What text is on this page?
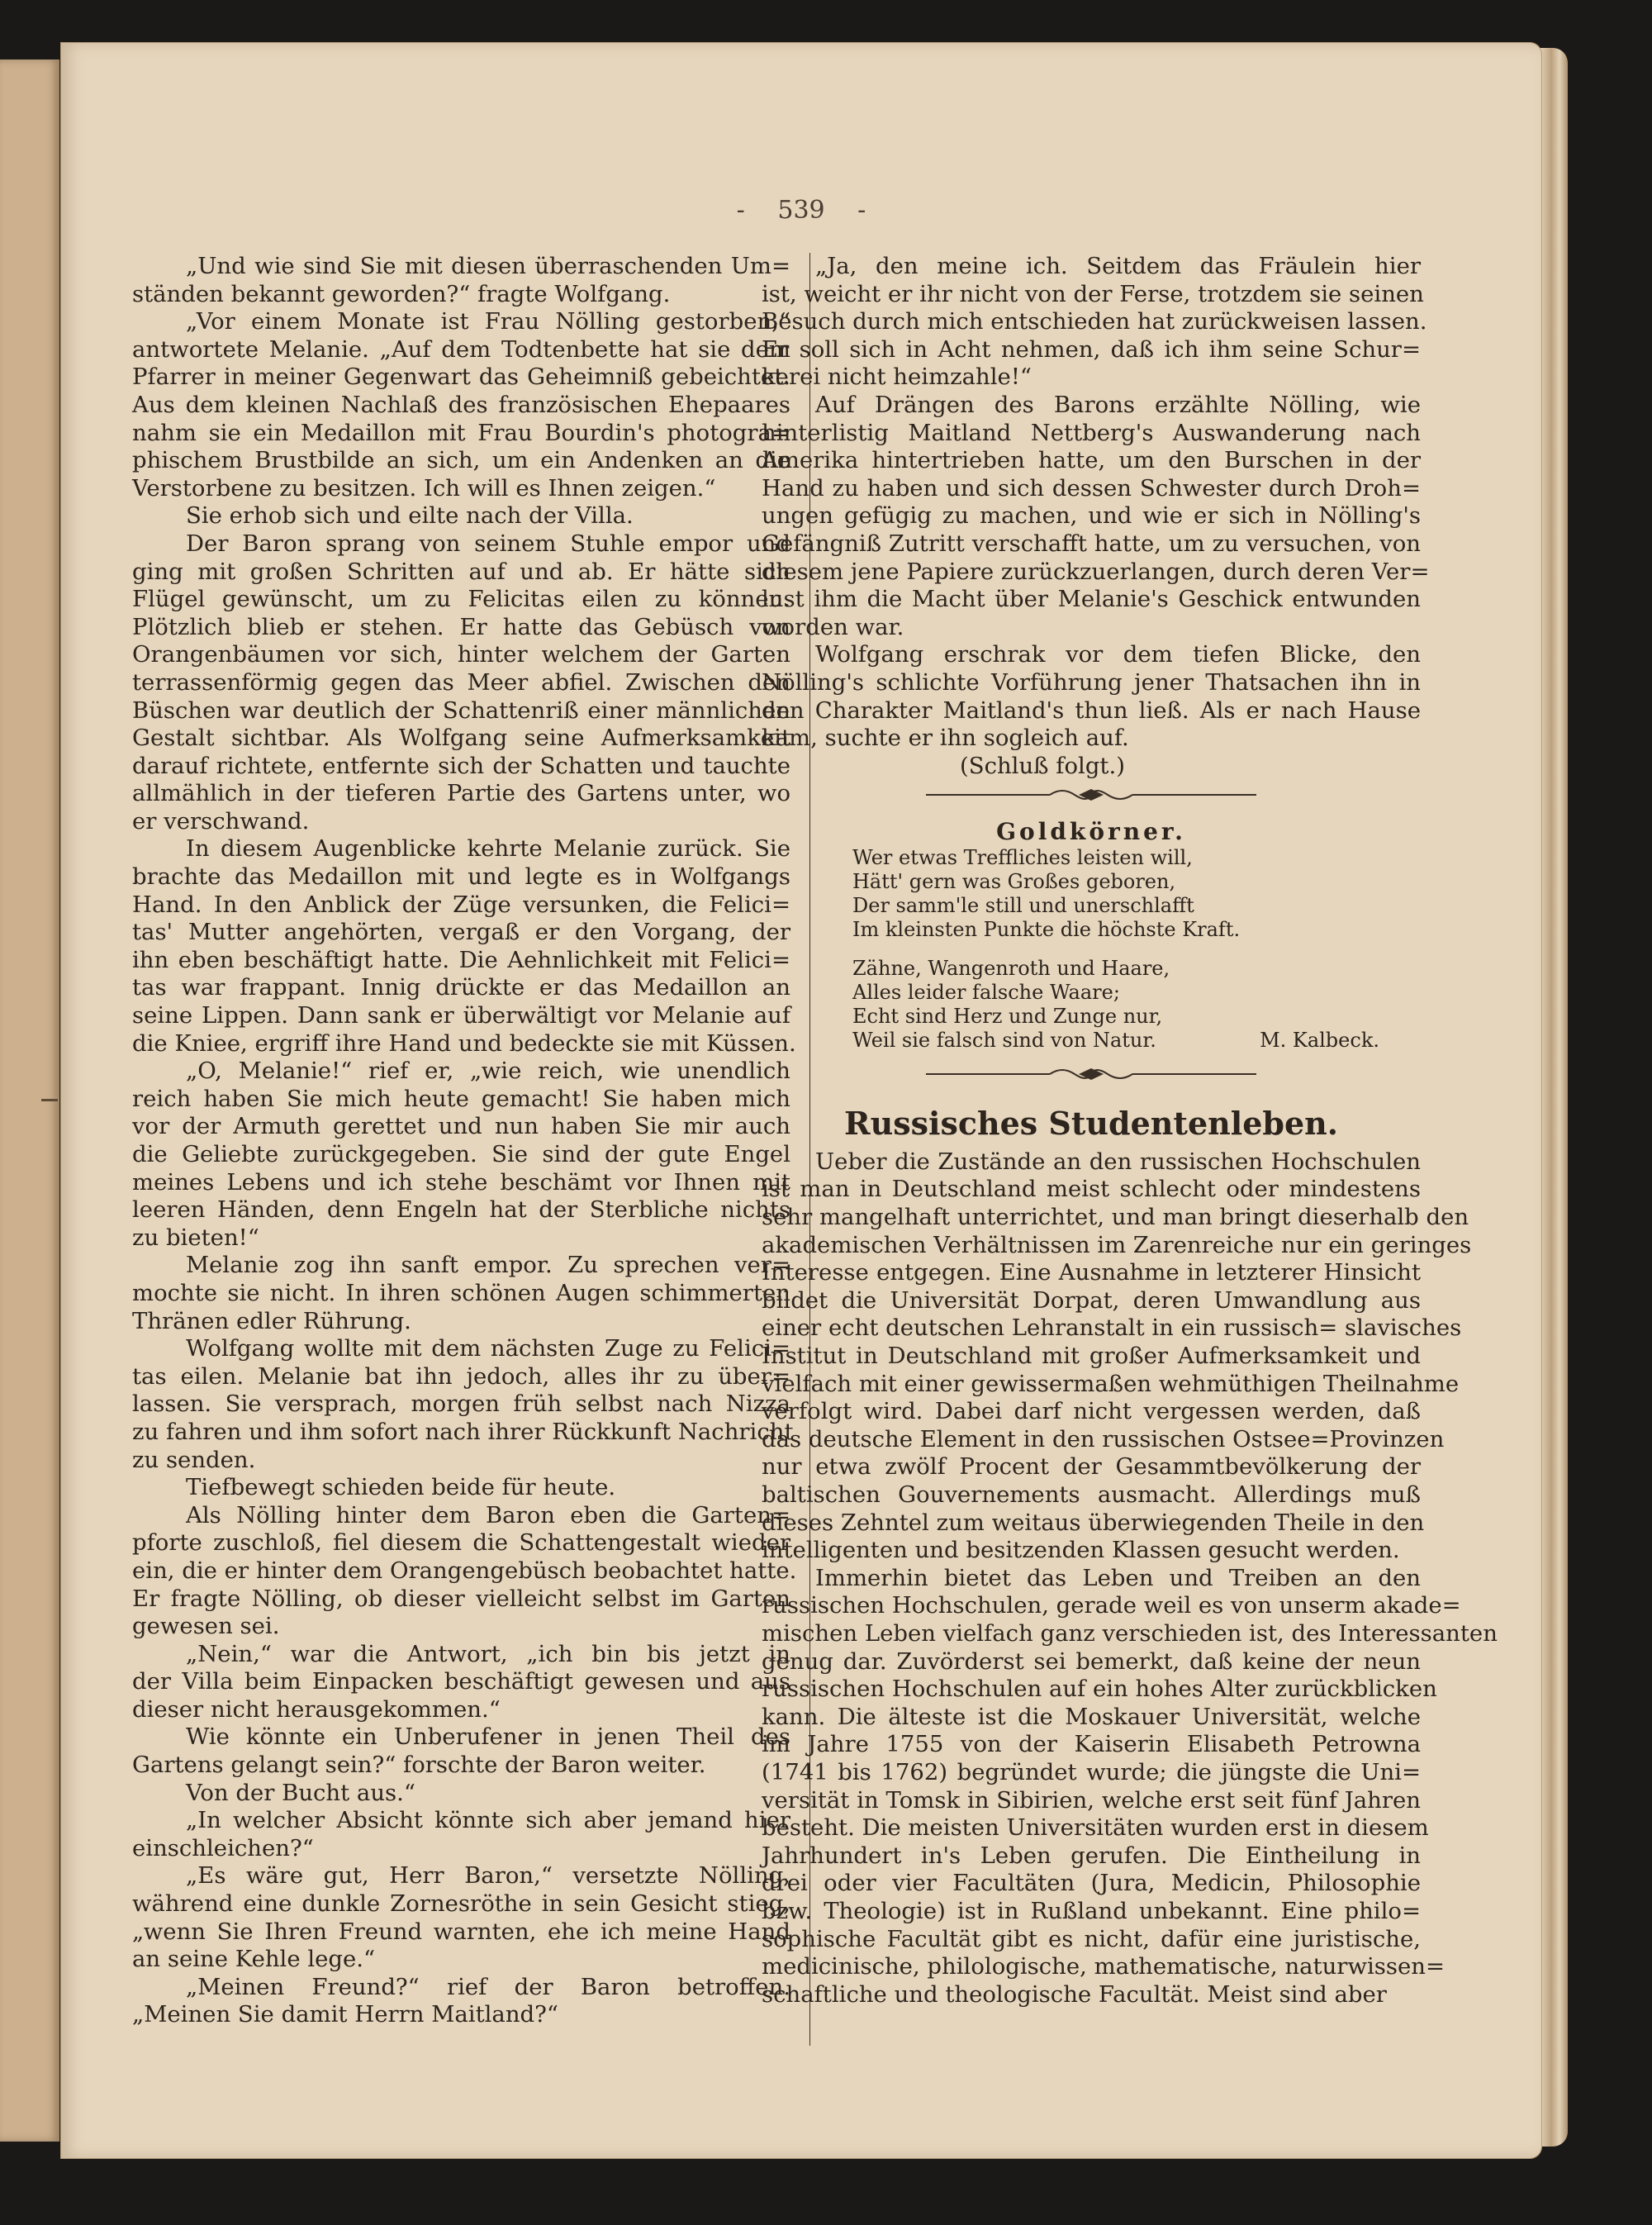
- 539 -

„Und wie sind Sie mit diesen überraschenden Um=

ständen bekannt geworden?“ fragte Wolfgang.

„Vor einem Monate ist Frau Nölling gestorben,“

antwortete Melanie. „Auf dem Todtenbette hat sie dem

Pfarrer in meiner Gegenwart das Geheimniß gebeichtet.

Aus dem kleinen Nachlaß des französischen Ehepaares

nahm sie ein Medaillon mit Frau Bourdin's photogra=

phischem Brustbilde an sich, um ein Andenken an die

Verstorbene zu besitzen. Ich will es Ihnen zeigen.“

Sie erhob sich und eilte nach der Villa.

Der Baron sprang von seinem Stuhle empor und

ging mit großen Schritten auf und ab. Er hätte sich

Flügel gewünscht, um zu Felicitas eilen zu können.

Plötzlich blieb er stehen. Er hatte das Gebüsch von

Orangenbäumen vor sich, hinter welchem der Garten

terrassenförmig gegen das Meer abfiel. Zwischen den

Büschen war deutlich der Schattenriß einer männlichen

Gestalt sichtbar. Als Wolfgang seine Aufmerksamkeit

darauf richtete, entfernte sich der Schatten und tauchte

allmählich in der tieferen Partie des Gartens unter, wo

er verschwand.

In diesem Augenblicke kehrte Melanie zurück. Sie

brachte das Medaillon mit und legte es in Wolfgangs

Hand. In den Anblick der Züge versunken, die Felici=

tas' Mutter angehörten, vergaß er den Vorgang, der

ihn eben beschäftigt hatte. Die Aehnlichkeit mit Felici=

tas war frappant. Innig drückte er das Medaillon an

seine Lippen. Dann sank er überwältigt vor Melanie auf

die Kniee, ergriff ihre Hand und bedeckte sie mit Küssen.

„O, Melanie!“ rief er, „wie reich, wie unendlich

reich haben Sie mich heute gemacht! Sie haben mich

vor der Armuth gerettet und nun haben Sie mir auch

die Geliebte zurückgegeben. Sie sind der gute Engel

meines Lebens und ich stehe beschämt vor Ihnen mit

leeren Händen, denn Engeln hat der Sterbliche nichts

zu bieten!“

Melanie zog ihn sanft empor. Zu sprechen ver=

mochte sie nicht. In ihren schönen Augen schimmerten

Thränen edler Rührung.

Wolfgang wollte mit dem nächsten Zuge zu Felici=

tas eilen. Melanie bat ihn jedoch, alles ihr zu über=

lassen. Sie versprach, morgen früh selbst nach Nizza

zu fahren und ihm sofort nach ihrer Rückkunft Nachricht

zu senden.

Tiefbewegt schieden beide für heute.

Als Nölling hinter dem Baron eben die Garten=

pforte zuschloß, fiel diesem die Schattengestalt wieder

ein, die er hinter dem Orangengebüsch beobachtet hatte.

Er fragte Nölling, ob dieser vielleicht selbst im Garten

gewesen sei.

„Nein,“ war die Antwort, „ich bin bis jetzt in

der Villa beim Einpacken beschäftigt gewesen und aus

dieser nicht herausgekommen.“

Wie könnte ein Unberufener in jenen Theil des

Gartens gelangt sein?“ forschte der Baron weiter.

Von der Bucht aus.“

„In welcher Absicht könnte sich aber jemand hier

einschleichen?“

„Es wäre gut, Herr Baron,“ versetzte Nölling,

während eine dunkle Zornesröthe in sein Gesicht stieg,

„wenn Sie Ihren Freund warnten, ehe ich meine Hand

an seine Kehle lege.“

„Meinen Freund?“ rief der Baron betroffen.

„Meinen Sie damit Herrn Maitland?“

„Ja, den meine ich. Seitdem das Fräulein hier

ist, weicht er ihr nicht von der Ferse, trotzdem sie seinen

Besuch durch mich entschieden hat zurückweisen lassen.

Er soll sich in Acht nehmen, daß ich ihm seine Schur=

kerei nicht heimzahle!“

Auf Drängen des Barons erzählte Nölling, wie

hinterlistig Maitland Nettberg's Auswanderung nach

Amerika hintertrieben hatte, um den Burschen in der

Hand zu haben und sich dessen Schwester durch Droh=

ungen gefügig zu machen, und wie er sich in Nölling's

Gefängniß Zutritt verschafft hatte, um zu versuchen, von

diesem jene Papiere zurückzuerlangen, durch deren Ver=

lust ihm die Macht über Melanie's Geschick entwunden

worden war.

Wolfgang erschrak vor dem tiefen Blicke, den

Nölling's schlichte Vorführung jener Thatsachen ihn in

den Charakter Maitland's thun ließ. Als er nach Hause

kam, suchte er ihn sogleich auf.

(Schluß folgt.)

Goldkörner.

Wer etwas Treffliches leisten will,

Hätt' gern was Großes geboren,

Der samm'le still und unerschlafft

Im kleinsten Punkte die höchste Kraft.

Zähne, Wangenroth und Haare,

Alles leider falsche Waare;

Echt sind Herz und Zunge nur,

Weil sie falsch sind von Natur.	M. Kalbeck.

Russisches Studentenleben.

Ueber die Zustände an den russischen Hochschulen

ist man in Deutschland meist schlecht oder mindestens

sehr mangelhaft unterrichtet, und man bringt dieserhalb den

akademischen Verhältnissen im Zarenreiche nur ein geringes

Interesse entgegen. Eine Ausnahme in letzterer Hinsicht

bildet die Universität Dorpat, deren Umwandlung aus

einer echt deutschen Lehranstalt in ein russisch= slavisches

Institut in Deutschland mit großer Aufmerksamkeit und

vielfach mit einer gewissermaßen wehmüthigen Theilnahme

verfolgt wird. Dabei darf nicht vergessen werden, daß

das deutsche Element in den russischen Ostsee=Provinzen

nur etwa zwölf Procent der Gesammtbevölkerung der

baltischen Gouvernements ausmacht. Allerdings muß

dieses Zehntel zum weitaus überwiegenden Theile in den

intelligenten und besitzenden Klassen gesucht werden.

Immerhin bietet das Leben und Treiben an den

russischen Hochschulen, gerade weil es von unserm akade=

mischen Leben vielfach ganz verschieden ist, des Interessanten

genug dar. Zuvörderst sei bemerkt, daß keine der neun

russischen Hochschulen auf ein hohes Alter zurückblicken

kann. Die älteste ist die Moskauer Universität, welche

im Jahre 1755 von der Kaiserin Elisabeth Petrowna

(1741 bis 1762) begründet wurde; die jüngste die Uni=

versität in Tomsk in Sibirien, welche erst seit fünf Jahren

besteht. Die meisten Universitäten wurden erst in diesem

Jahrhundert in's Leben gerufen. Die Eintheilung in

drei oder vier Facultäten (Jura, Medicin, Philosophie

bzw. Theologie) ist in Rußland unbekannt. Eine philo=

sophische Facultät gibt es nicht, dafür eine juristische,

medicinische, philologische, mathematische, naturwissen=

schaftliche und theologische Facultät. Meist sind aber
